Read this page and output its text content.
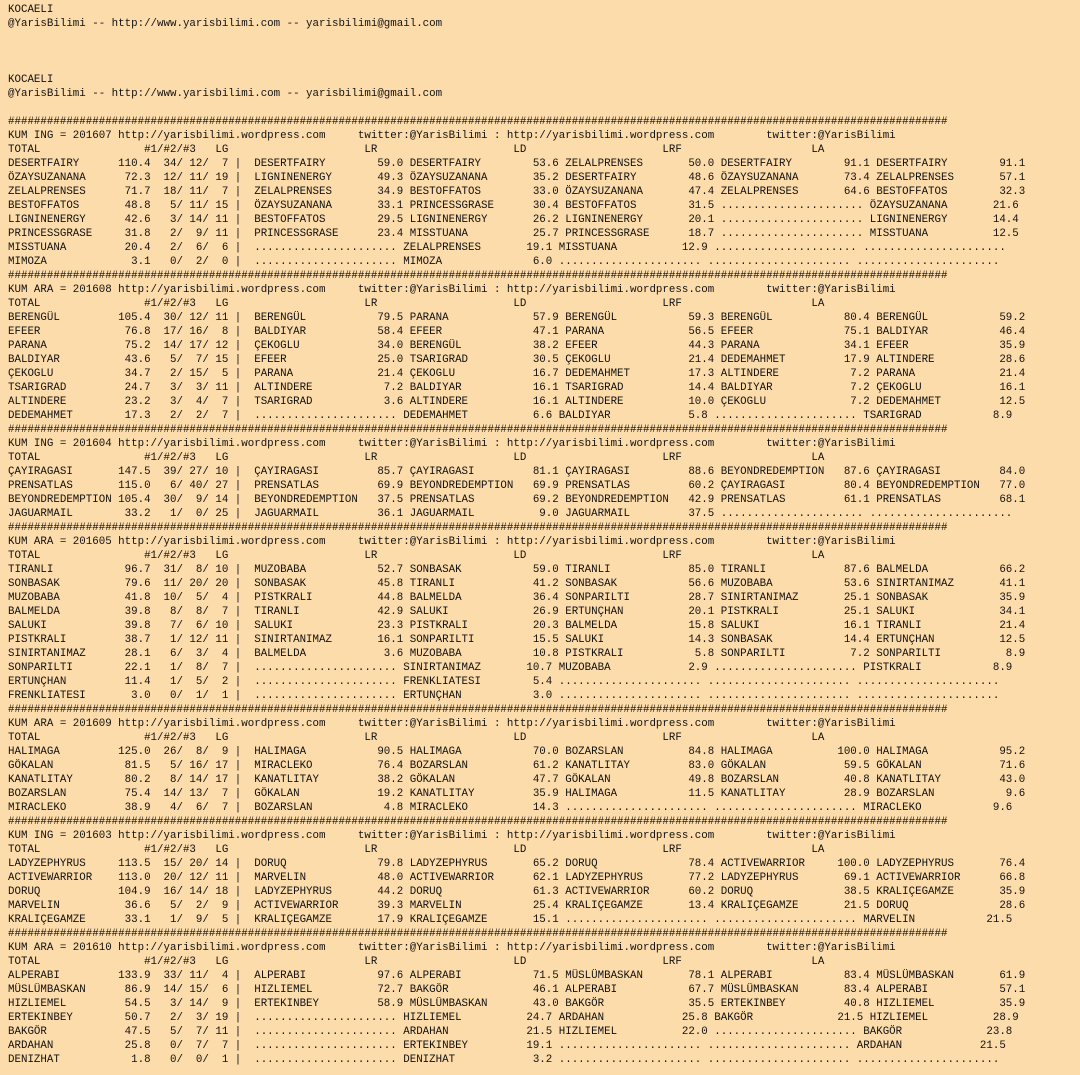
KOCAELI
@YarisBilimi -- http://www.yarisbilimi.com -- yarisbilimi@gmail.com

KOCAELI
@YarisBilimi -- http://www.yarisbilimi.com -- yarisbilimi@gmail.com

#################################################################################################################################################
KUM ING = 201607 http://yarisbilimi.wordpress.com     twitter:@YarisBilimi : http://yarisbilimi.wordpress.com        twitter:@YarisBilimi
TOTAL                #1/#2/#3   LG                     LR                     LD                     LRF                    LA
DESERTFAIRY      110.4  34/ 12/  7 |  DESERTFAIRY        59.0 DESERTFAIRY        53.6 ZELALPRENSES       50.0 DESERTFAIRY        91.1 DESERTFAIRY        91.1
ÖZAYSUZANANA      72.3  12/ 11/ 19 |  LIGNINENERGY       49.3 ÖZAYSUZANANA       35.2 DESERTFAIRY        48.6 ÖZAYSUZANANA       73.4 ZELALPRENSES       57.1
ZELALPRENSES      71.7  18/ 11/  7 |  ZELALPRENSES       34.9 BESTOFFATOS        33.0 ÖZAYSUZANANA       47.4 ZELALPRENSES       64.6 BESTOFFATOS        32.3
BESTOFFATOS       48.8   5/ 11/ 15 |  ÖZAYSUZANANA       33.1 PRINCESSGRASE      30.4 BESTOFFATOS        31.5 ...................... ÖZAYSUZANANA       21.6
LIGNINENERGY      42.6   3/ 14/ 11 |  BESTOFFATOS        29.5 LIGNINENERGY       26.2 LIGNINENERGY       20.1 ...................... LIGNINENERGY       14.4
PRINCESSGRASE     31.8   2/  9/ 11 |  PRINCESSGRASE      23.4 MISSTUANA          25.7 PRINCESSGRASE      18.7 ...................... MISSTUANA          12.5
MISSTUANA         20.4   2/  6/  6 |  ...................... ZELALPRENSES       19.1 MISSTUANA          12.9 ...................... ......................
MIMOZA             3.1   0/  2/  0 |  ...................... MIMOZA              6.0 ...................... ...................... ......................
#################################################################################################################################################
KUM ARA = 201608 http://yarisbilimi.wordpress.com     twitter:@YarisBilimi : http://yarisbilimi.wordpress.com        twitter:@YarisBilimi
TOTAL                #1/#2/#3   LG                     LR                     LD                     LRF                    LA
BERENGÜL         105.4  30/ 12/ 11 |  BERENGÜL           79.5 PARANA             57.9 BERENGÜL           59.3 BERENGÜL           80.4 BERENGÜL           59.2
EFEER             76.8  17/ 16/  8 |  BALDIYAR           58.4 EFEER              47.1 PARANA             56.5 EFEER              75.1 BALDIYAR           46.4
PARANA            75.2  14/ 17/ 12 |  ÇEKOGLU            34.0 BERENGÜL           38.2 EFEER              44.3 PARANA             34.1 EFEER              35.9
BALDIYAR          43.6   5/  7/ 15 |  EFEER              25.0 TSARIGRAD          30.5 ÇEKOGLU            21.4 DEDEMAHMET         17.9 ALTINDERE          28.6
ÇEKOGLU           34.7   2/ 15/  5 |  PARANA             21.4 ÇEKOGLU            16.7 DEDEMAHMET         17.3 ALTINDERE           7.2 PARANA             21.4
TSARIGRAD         24.7   3/  3/ 11 |  ALTINDERE           7.2 BALDIYAR           16.1 TSARIGRAD          14.4 BALDIYAR            7.2 ÇEKOGLU            16.1
ALTINDERE         23.2   3/  4/  7 |  TSARIGRAD           3.6 ALTINDERE          16.1 ALTINDERE          10.0 ÇEKOGLU             7.2 DEDEMAHMET         12.5
DEDEMAHMET        17.3   2/  2/  7 |  ...................... DEDEMAHMET          6.6 BALDIYAR            5.8 ...................... TSARIGRAD           8.9
#################################################################################################################################################
KUM ING = 201604 http://yarisbilimi.wordpress.com     twitter:@YarisBilimi : http://yarisbilimi.wordpress.com        twitter:@YarisBilimi
TOTAL                #1/#2/#3   LG                     LR                     LD                     LRF                    LA
ÇAYIRAGASI       147.5  39/ 27/ 10 |  ÇAYIRAGASI         85.7 ÇAYIRAGASI         81.1 ÇAYIRAGASI         88.6 BEYONDREDEMPTION   87.6 ÇAYIRAGASI         84.0
PRENSATLAS       115.0   6/ 40/ 27 |  PRENSATLAS         69.9 BEYONDREDEMPTION   69.9 PRENSATLAS         60.2 ÇAYIRAGASI         80.4 BEYONDREDEMPTION   77.0
BEYONDREDEMPTION 105.4  30/  9/ 14 |  BEYONDREDEMPTION   37.5 PRENSATLAS         69.2 BEYONDREDEMPTION   42.9 PRENSATLAS         61.1 PRENSATLAS         68.1
JAGUARMAIL        33.2   1/  0/ 25 |  JAGUARMAIL         36.1 JAGUARMAIL          9.0 JAGUARMAIL         37.5 ...................... ......................
#################################################################################################################################################
KUM ARA = 201605 http://yarisbilimi.wordpress.com     twitter:@YarisBilimi : http://yarisbilimi.wordpress.com        twitter:@YarisBilimi
TOTAL                #1/#2/#3   LG                     LR                     LD                     LRF                    LA
TIRANLI           96.7  31/  8/ 10 |  MUZOBABA           52.7 SONBASAK           59.0 TIRANLI            85.0 TIRANLI            87.6 BALMELDA           66.2
SONBASAK          79.6  11/ 20/ 20 |  SONBASAK           45.8 TIRANLI            41.2 SONBASAK           56.6 MUZOBABA           53.6 SINIRTANIMAZ       41.1
MUZOBABA          41.8  10/  5/  4 |  PISTKRALI          44.8 BALMELDA           36.4 SONPARILTI         28.7 SINIRTANIMAZ       25.1 SONBASAK           35.9
BALMELDA          39.8   8/  8/  7 |  TIRANLI            42.9 SALUKI             26.9 ERTUNÇHAN          20.1 PISTKRALI          25.1 SALUKI             34.1
SALUKI            39.8   7/  6/ 10 |  SALUKI             23.3 PISTKRALI          20.3 BALMELDA           15.8 SALUKI             16.1 TIRANLI            21.4
PISTKRALI         38.7   1/ 12/ 11 |  SINIRTANIMAZ       16.1 SONPARILTI         15.5 SALUKI             14.3 SONBASAK           14.4 ERTUNÇHAN          12.5
SINIRTANIMAZ      28.1   6/  3/  4 |  BALMELDA            3.6 MUZOBABA           10.8 PISTKRALI           5.8 SONPARILTI          7.2 SONPARILTI          8.9
SONPARILTI        22.1   1/  8/  7 |  ...................... SINIRTANIMAZ       10.7 MUZOBABA            2.9 ...................... PISTKRALI           8.9
ERTUNÇHAN         11.4   1/  5/  2 |  ...................... FRENKLIATESI        5.4 ...................... ...................... ......................
FRENKLIATESI       3.0   0/  1/  1 |  ...................... ERTUNÇHAN           3.0 ...................... ...................... ......................
#################################################################################################################################################
KUM ARA = 201609 http://yarisbilimi.wordpress.com     twitter:@YarisBilimi : http://yarisbilimi.wordpress.com        twitter:@YarisBilimi
TOTAL                #1/#2/#3   LG                     LR                     LD                     LRF                    LA
HALIMAGA         125.0  26/  8/  9 |  HALIMAGA           90.5 HALIMAGA           70.0 BOZARSLAN          84.8 HALIMAGA          100.0 HALIMAGA           95.2
GÖKALAN           81.5   5/ 16/ 17 |  MIRACLEKO          76.4 BOZARSLAN          61.2 KANATLITAY         83.0 GÖKALAN            59.5 GÖKALAN            71.6
KANATLITAY        80.2   8/ 14/ 17 |  KANATLITAY         38.2 GÖKALAN            47.7 GÖKALAN            49.8 BOZARSLAN          40.8 KANATLITAY         43.0
BOZARSLAN         75.4  14/ 13/  7 |  GÖKALAN            19.2 KANATLITAY         35.9 HALIMAGA           11.5 KANATLITAY         28.9 BOZARSLAN           9.6
MIRACLEKO         38.9   4/  6/  7 |  BOZARSLAN           4.8 MIRACLEKO          14.3 ...................... ...................... MIRACLEKO           9.6
#################################################################################################################################################
KUM ING = 201603 http://yarisbilimi.wordpress.com     twitter:@YarisBilimi : http://yarisbilimi.wordpress.com        twitter:@YarisBilimi
TOTAL                #1/#2/#3   LG                     LR                     LD                     LRF                    LA
LADYZEPHYRUS     113.5  15/ 20/ 14 |  DORUQ              79.8 LADYZEPHYRUS       65.2 DORUQ              78.4 ACTIVEWARRIOR     100.0 LADYZEPHYRUS       76.4
ACTIVEWARRIOR    113.0  20/ 12/ 11 |  MARVELIN           48.0 ACTIVEWARRIOR      62.1 LADYZEPHYRUS       77.2 LADYZEPHYRUS       69.1 ACTIVEWARRIOR      66.8
DORUQ            104.9  16/ 14/ 18 |  LADYZEPHYRUS       44.2 DORUQ              61.3 ACTIVEWARRIOR      60.2 DORUQ              38.5 KRALIÇEGAMZE       35.9
MARVELIN          36.6   5/  2/  9 |  ACTIVEWARRIOR      39.3 MARVELIN           25.4 KRALIÇEGAMZE       13.4 KRALIÇEGAMZE       21.5 DORUQ              28.6
KRALIÇEGAMZE      33.1   1/  9/  5 |  KRALIÇEGAMZE       17.9 KRALIÇEGAMZE       15.1 ...................... ...................... MARVELIN           21.5
#################################################################################################################################################
KUM ARA = 201610 http://yarisbilimi.wordpress.com     twitter:@YarisBilimi : http://yarisbilimi.wordpress.com        twitter:@YarisBilimi
TOTAL                #1/#2/#3   LG                     LR                     LD                     LRF                    LA
ALPERABI         133.9  33/ 11/  4 |  ALPERABI           97.6 ALPERABI           71.5 MÜSLÜMBASKAN       78.1 ALPERABI           83.4 MÜSLÜMBASKAN       61.9
MÜSLÜMBASKAN      86.9  14/ 15/  6 |  HIZLIEMEL          72.7 BAKGÖR             46.1 ALPERABI           67.7 MÜSLÜMBASKAN       83.4 ALPERABI           57.1
HIZLIEMEL         54.5   3/ 14/  9 |  ERTEKINBEY         58.9 MÜSLÜMBASKAN       43.0 BAKGÖR             35.5 ERTEKINBEY         40.8 HIZLIEMEL          35.9
ERTEKINBEY        50.7   2/  3/ 19 |  ...................... HIZLIEMEL          24.7 ARDAHAN            25.8 BAKGÖR             21.5 HIZLIEMEL          28.9
BAKGÖR            47.5   5/  7/ 11 |  ...................... ARDAHAN            21.5 HIZLIEMEL          22.0 ...................... BAKGÖR             23.8
ARDAHAN           25.8   0/  7/  7 |  ...................... ERTEKINBEY         19.1 ...................... ...................... ARDAHAN            21.5
DENIZHAT           1.8   0/  0/  1 |  ...................... DENIZHAT            3.2 ...................... ...................... ......................
